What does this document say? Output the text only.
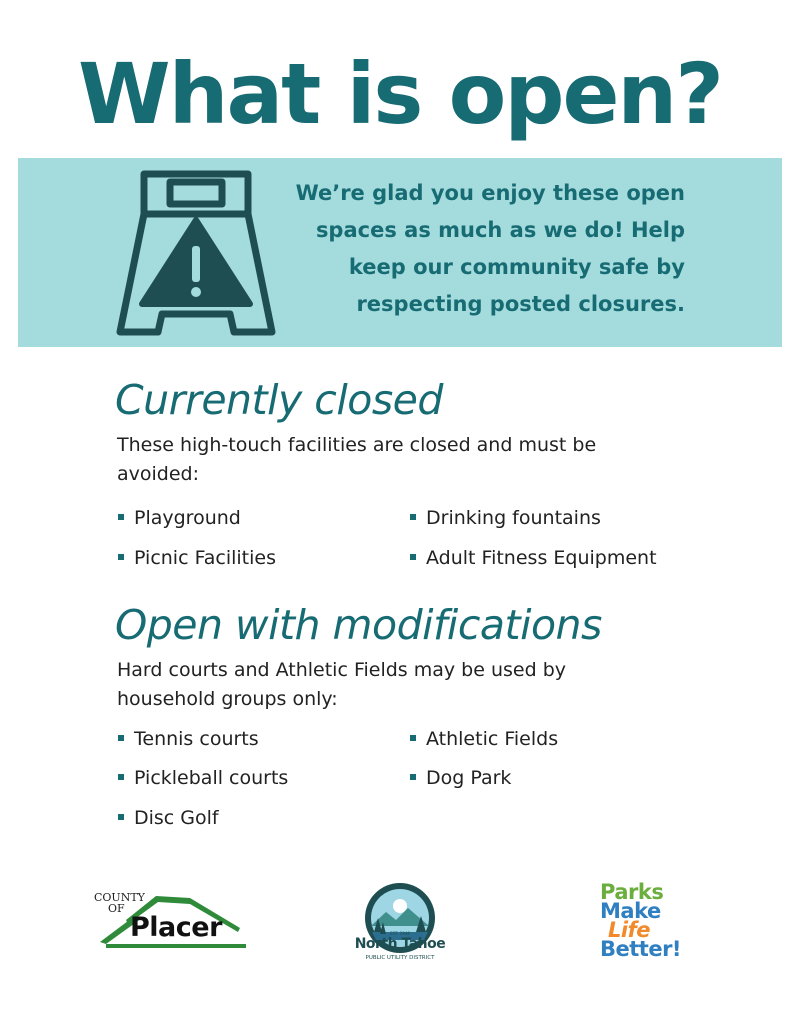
What is open?
We’re glad you enjoy these open
spaces as much as we do! Help
keep our community safe by
respecting posted closures.
Currently closed
These high-touch facilities are closed and must be
avoided:
Playground
Picnic Facilities
Drinking fountains
Adult Fitness Equipment
Open with modifications
Hard courts and Athletic Fields may be used by
household groups only:
Tennis courts
Pickleball courts
Disc Golf
Athletic Fields
Dog Park
COUNTY
OF
Placer
North Tahoe
PUBLIC UTILITY DISTRICT
EST. 1948
Parks
Make
Life
Better!
